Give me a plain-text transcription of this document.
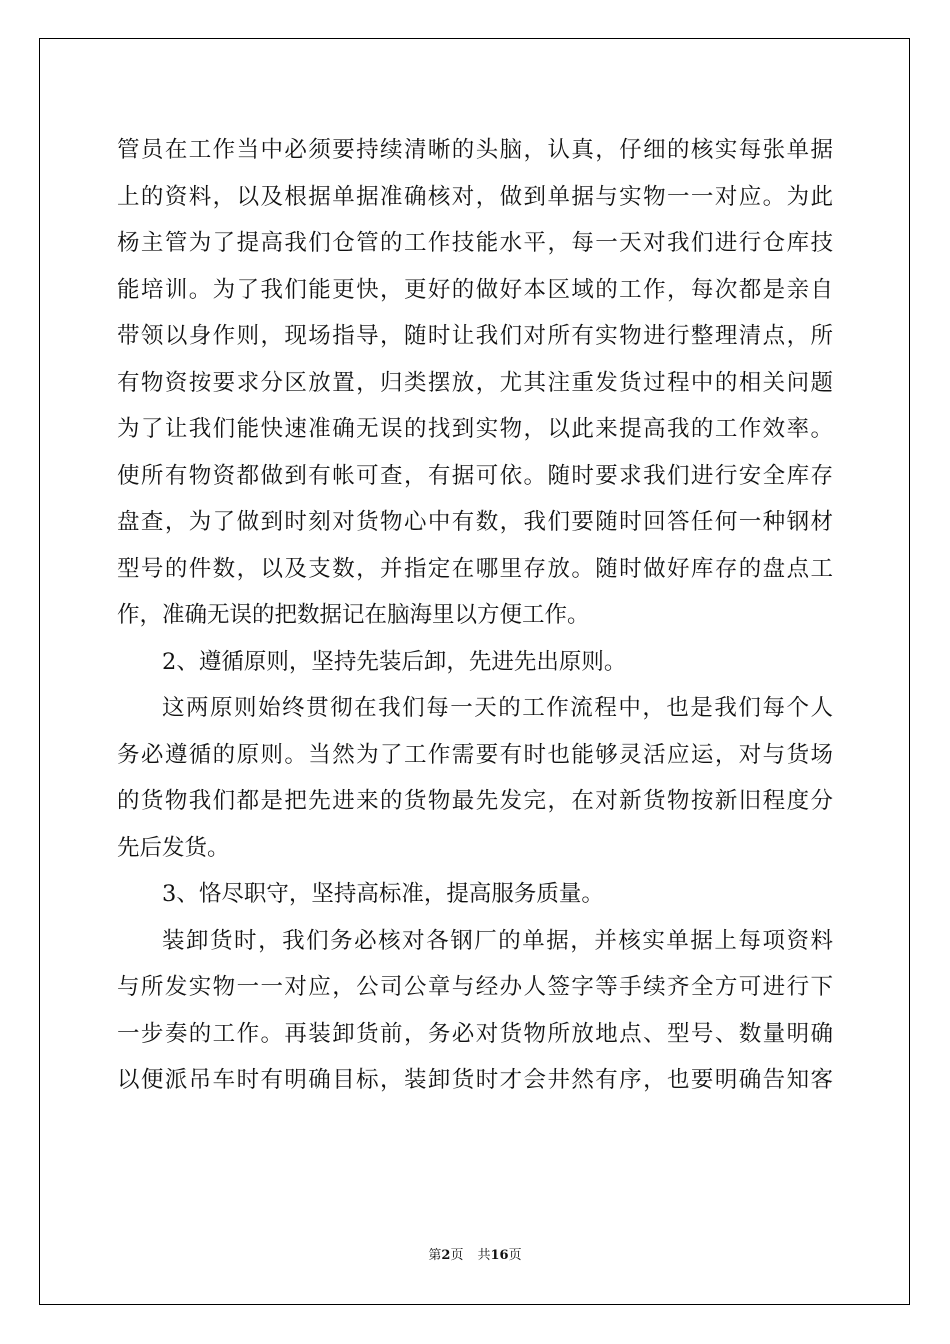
管员在工作当中必须要持续清晰的头脑，认真，仔细的核实每张单据
上的资料，以及根据单据准确核对，做到单据与实物一一对应。为此
杨主管为了提高我们仓管的工作技能水平，每一天对我们进行仓库技
能培训。为了我们能更快，更好的做好本区域的工作，每次都是亲自
带领以身作则，现场指导，随时让我们对所有实物进行整理清点，所
有物资按要求分区放置，归类摆放，尤其注重发货过程中的相关问题
为了让我们能快速准确无误的找到实物，以此来提高我的工作效率。
使所有物资都做到有帐可查，有据可依。随时要求我们进行安全库存
盘查，为了做到时刻对货物心中有数，我们要随时回答任何一种钢材
型号的件数，以及支数，并指定在哪里存放。随时做好库存的盘点工
作，准确无误的把数据记在脑海里以方便工作。
2、遵循原则，坚持先装后卸，先进先出原则。
这两原则始终贯彻在我们每一天的工作流程中，也是我们每个人
务必遵循的原则。当然为了工作需要有时也能够灵活应运，对与货场
的货物我们都是把先进来的货物最先发完，在对新货物按新旧程度分
先后发货。
3、恪尽职守，坚持高标准，提高服务质量。
装卸货时，我们务必核对各钢厂的单据，并核实单据上每项资料
与所发实物一一对应，公司公章与经办人签字等手续齐全方可进行下
一步奏的工作。再装卸货前，务必对货物所放地点、型号、数量明确
以便派吊车时有明确目标，装卸货时才会井然有序，也要明确告知客
第2页 共16页
